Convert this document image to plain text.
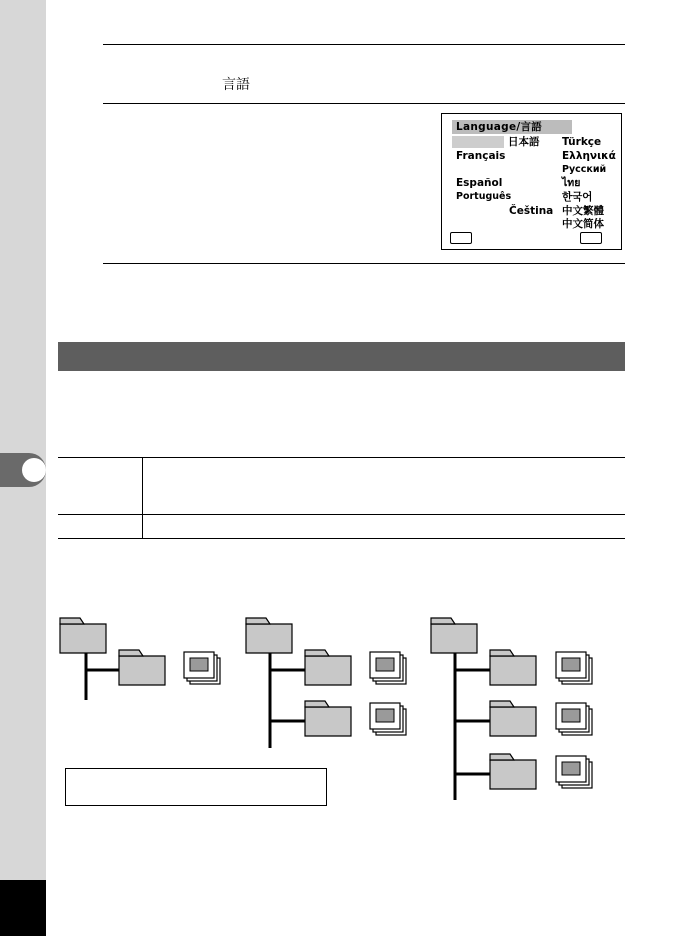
言語
Language/言語
日本語
Français
Español
Português
Čeština
Türkçe
Ελληνικά
Русский
ไทย
한국어
中文繁體
中文简体
